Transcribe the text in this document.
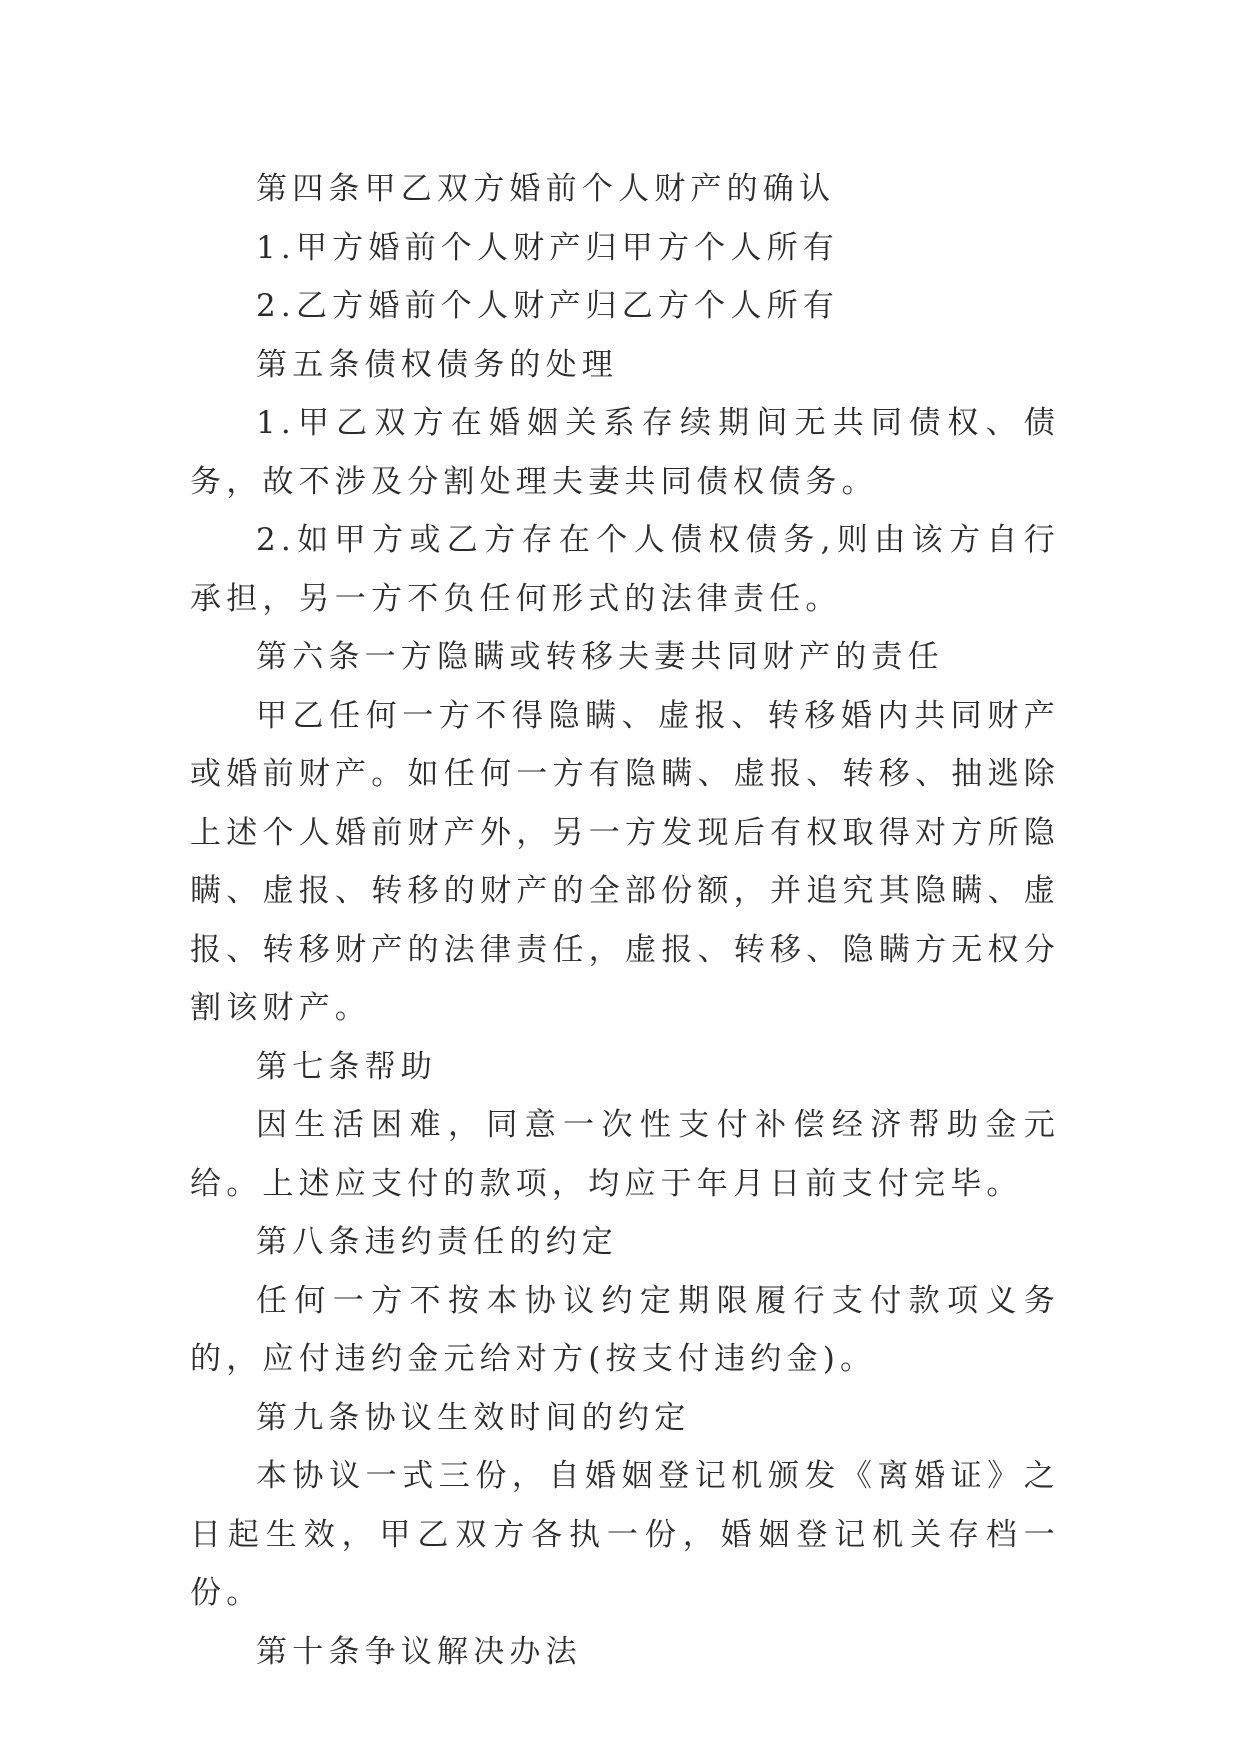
第四条甲乙双方婚前个人财产的确认

1.甲方婚前个人财产归甲方个人所有

2.乙方婚前个人财产归乙方个人所有

第五条债权债务的处理

1.甲乙双方在婚姻关系存续期间无共同债权、债务，故不涉及分割处理夫妻共同债权债务。

2.如甲方或乙方存在个人债权债务,则由该方自行承担，另一方不负任何形式的法律责任。

第六条一方隐瞒或转移夫妻共同财产的责任

甲乙任何一方不得隐瞒、虚报、转移婚内共同财产或婚前财产。如任何一方有隐瞒、虚报、转移、抽逃除上述个人婚前财产外，另一方发现后有权取得对方所隐瞒、虚报、转移的财产的全部份额，并追究其隐瞒、虚报、转移财产的法律责任，虚报、转移、隐瞒方无权分割该财产。

第七条帮助

因生活困难，同意一次性支付补偿经济帮助金元给。上述应支付的款项，均应于年月日前支付完毕。

第八条违约责任的约定

任何一方不按本协议约定期限履行支付款项义务的，应付违约金元给对方(按支付违约金)。

第九条协议生效时间的约定

本协议一式三份，自婚姻登记机颁发《离婚证》之日起生效，甲乙双方各执一份，婚姻登记机关存档一份。

第十条争议解决办法
